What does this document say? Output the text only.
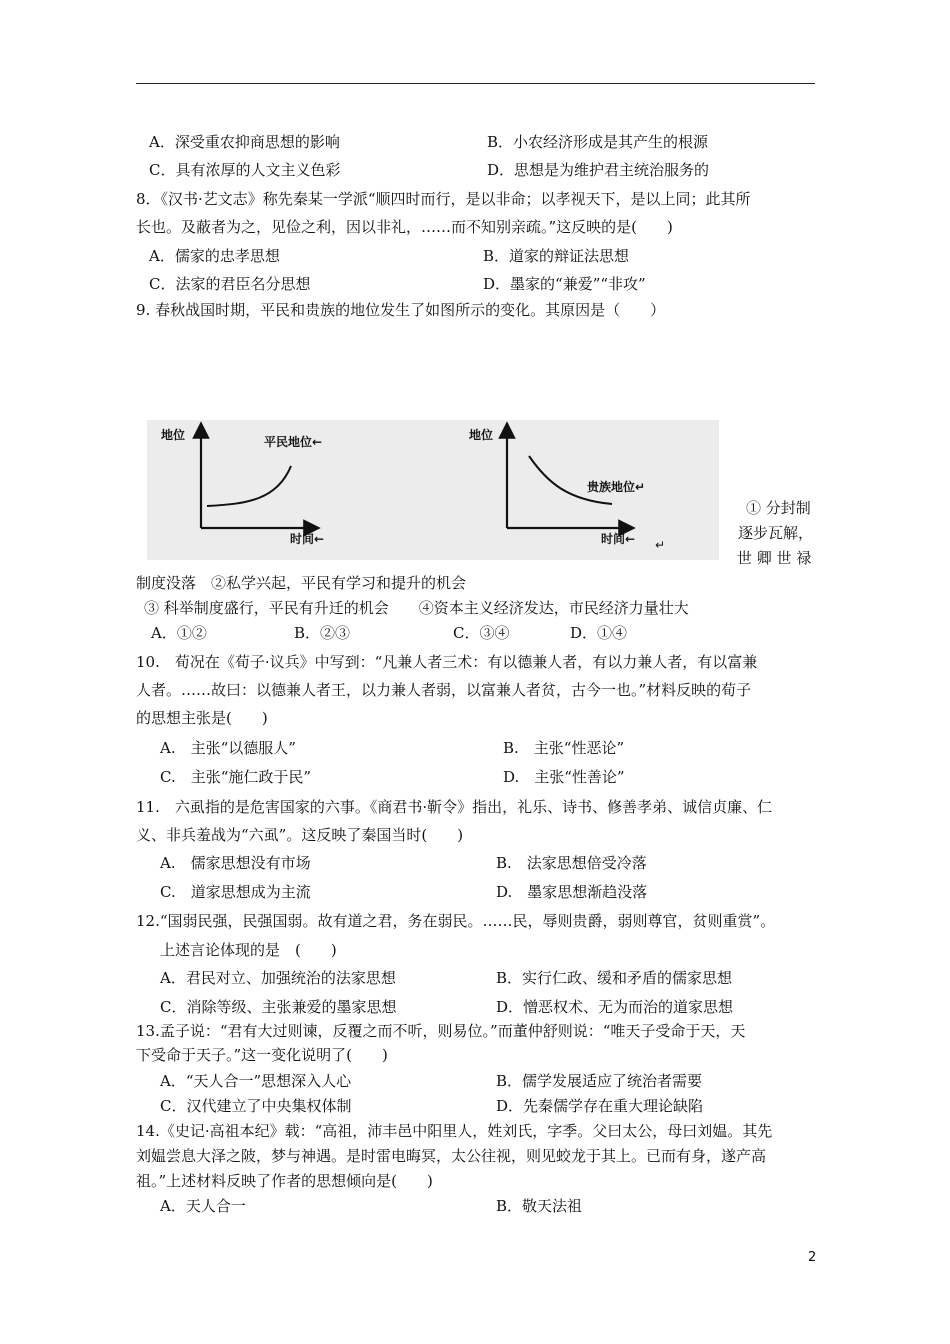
A．深受重农抑商思想的影响	B．小农经济形成是其产生的根源
C．具有浓厚的人文主义色彩	D．思想是为维护君主统治服务的
8．《汉书·艺文志》称先秦某一学派“顺四时而行，是以非命；以孝视天下，是以上同；此其所
长也。及蔽者为之，见俭之利，因以非礼，……而不知别亲疏。”这反映的是(　　)
A．儒家的忠孝思想	B．道家的辩证法思想
C．法家的君臣名分思想	D．墨家的“兼爱”“非攻”
9. 春秋战国时期，平民和贵族的地位发生了如图所示的变化。其原因是（　　）
地位	平民地位←
时间←
地位
贵族地位↵
时间← ↵
① 分封制
逐步瓦解，
世 卿 世 禄
制度没落　②私学兴起，平民有学习和提升的机会
③ 科举制度盛行，平民有升迁的机会　　④资本主义经济发达，市民经济力量壮大
A．①②	B．②③	C．③④	D．①④
10.　荀况在《荀子·议兵》中写到：“凡兼人者三术：有以德兼人者，有以力兼人者，有以富兼
人者。……故曰：以德兼人者王，以力兼人者弱，以富兼人者贫，古今一也。”材料反映的荀子
的思想主张是(　　)
A.　主张“以德服人”	B.　主张“性恶论”
C.　主张“施仁政于民”	D.　主张“性善论”
11.　六虱指的是危害国家的六事。《商君书·靳令》指出，礼乐、诗书、修善孝弟、诚信贞廉、仁
义、非兵羞战为“六虱”。这反映了秦国当时(　　)
A.　儒家思想没有市场	B.　法家思想倍受冷落
C.　道家思想成为主流	D.　墨家思想渐趋没落
12.“国弱民强，民强国弱。故有道之君，务在弱民。……民，辱则贵爵，弱则尊官，贫则重赏”。
上述言论体现的是　(　　)
A．君民对立、加强统治的法家思想	B．实行仁政、缓和矛盾的儒家思想
C．消除等级、主张兼爱的墨家思想	D．憎恶权术、无为而治的道家思想
13.孟子说：“君有大过则谏，反覆之而不听，则易位。”而董仲舒则说：“唯天子受命于天，天
下受命于天子。”这一变化说明了(　　)
A．“天人合一”思想深入人心	B．儒学发展适应了统治者需要
C．汉代建立了中央集权体制	D．先秦儒学存在重大理论缺陷
14.《史记·高祖本纪》载：“高祖，沛丰邑中阳里人，姓刘氏，字季。父曰太公，母曰刘媪。其先
刘媪尝息大泽之陂，梦与神遇。是时雷电晦冥，太公往视，则见蛟龙于其上。已而有身，遂产高
祖。”上述材料反映了作者的思想倾向是(　　)
A．天人合一	B．敬天法祖
2
